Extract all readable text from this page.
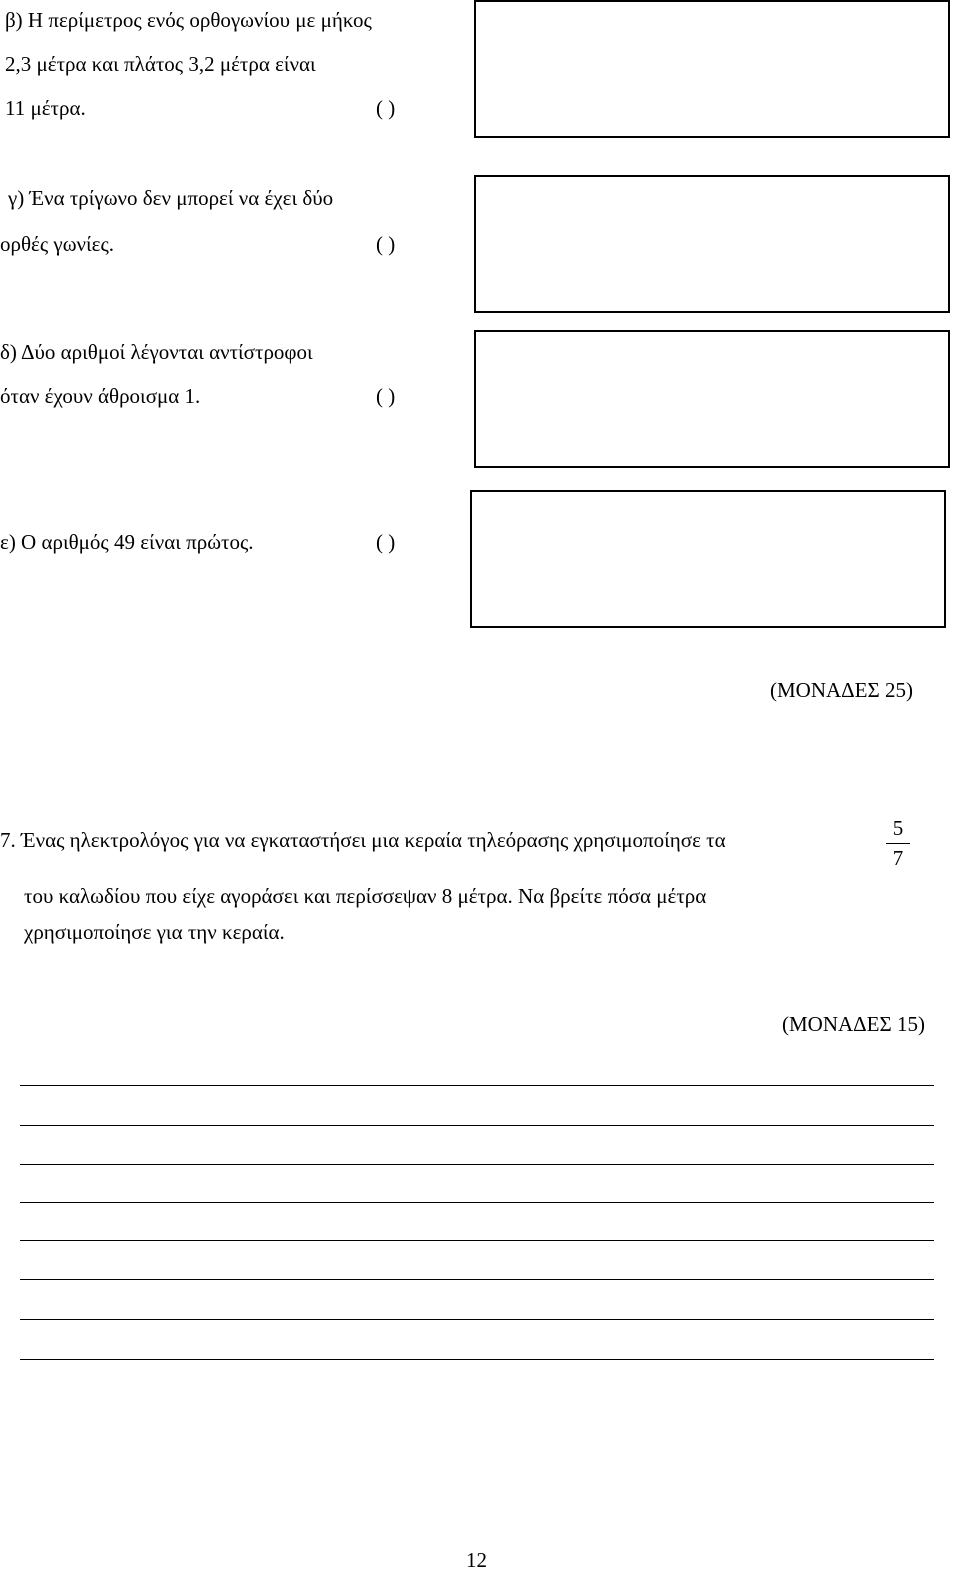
β) Η περίμετρος ενός ορθογωνίου με μήκος
2,3 μέτρα και πλάτος 3,2 μέτρα είναι
11 μέτρα.	( )
γ) Ένα τρίγωνο δεν μπορεί να έχει δύο
ορθές γωνίες.	( )
δ) Δύο αριθμοί λέγονται αντίστροφοι
όταν έχουν άθροισμα 1.	( )
ε) Ο αριθμός 49 είναι πρώτος.	( )
(ΜΟΝΑΔΕΣ 25)
7. Ένας ηλεκτρολόγος για να εγκαταστήσει μια κεραία τηλεόρασης χρησιμοποίησε τα	5
7
του καλωδίου που είχε αγοράσει και περίσσεψαν 8 μέτρα. Να βρείτε πόσα μέτρα
χρησιμοποίησε για την κεραία.
(ΜΟΝΑΔΕΣ 15)
12
